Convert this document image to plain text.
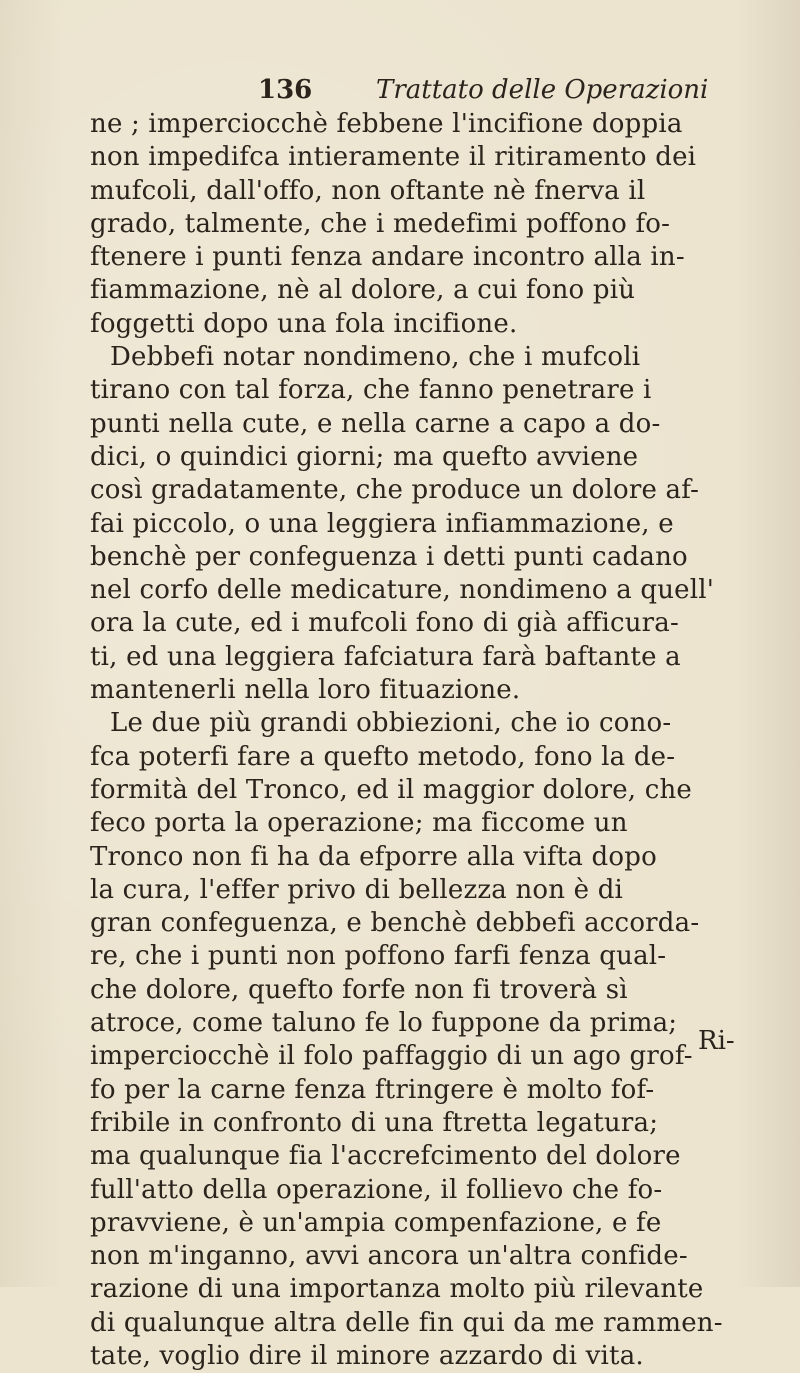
136 Trattato delle Operazioni
ne ; imperciocchè febbene l'incifione doppia
non impedifca intieramente il ritiramento dei
mufcoli, dall'offo, non oftante nè fnerva il
grado, talmente, che i medefimi poffono fo-
ftenere i punti fenza andare incontro alla in-
fiammazione, nè al dolore, a cui fono più
foggetti dopo una fola incifione.
Debbefi notar nondimeno, che i mufcoli
tirano con tal forza, che fanno penetrare i
punti nella cute, e nella carne a capo a do-
dici, o quindici giorni; ma quefto avviene
così gradatamente, che produce un dolore af-
fai piccolo, o una leggiera infiammazione, e
benchè per confeguenza i detti punti cadano
nel corfo delle medicature, nondimeno a quell'
ora la cute, ed i mufcoli fono di già afficura-
ti, ed una leggiera fafciatura farà baftante a
mantenerli nella loro fituazione.
Le due più grandi obbiezioni, che io cono-
fca poterfi fare a quefto metodo, fono la de-
formità del Tronco, ed il maggior dolore, che
feco porta la operazione; ma ficcome un
Tronco non fi ha da efporre alla vifta dopo
la cura, l'effer privo di bellezza non è di
gran confeguenza, e benchè debbefi accorda-
re, che i punti non poffono farfi fenza qual-
che dolore, quefto forfe non fi troverà sì
atroce, come taluno fe lo fuppone da prima;
imperciocchè il folo paffaggio di un ago grof-
fo per la carne fenza ftringere è molto fof-
fribile in confronto di una ftretta legatura;
ma qualunque fia l'accrefcimento del dolore
full'atto della operazione, il follievo che fo-
pravviene, è un'ampia compenfazione, e fe
non m'inganno, avvi ancora un'altra confide-
razione di una importanza molto più rilevante
di qualunque altra delle fin qui da me rammen-
tate, voglio dire il minore azzardo di vita.
Ri-
